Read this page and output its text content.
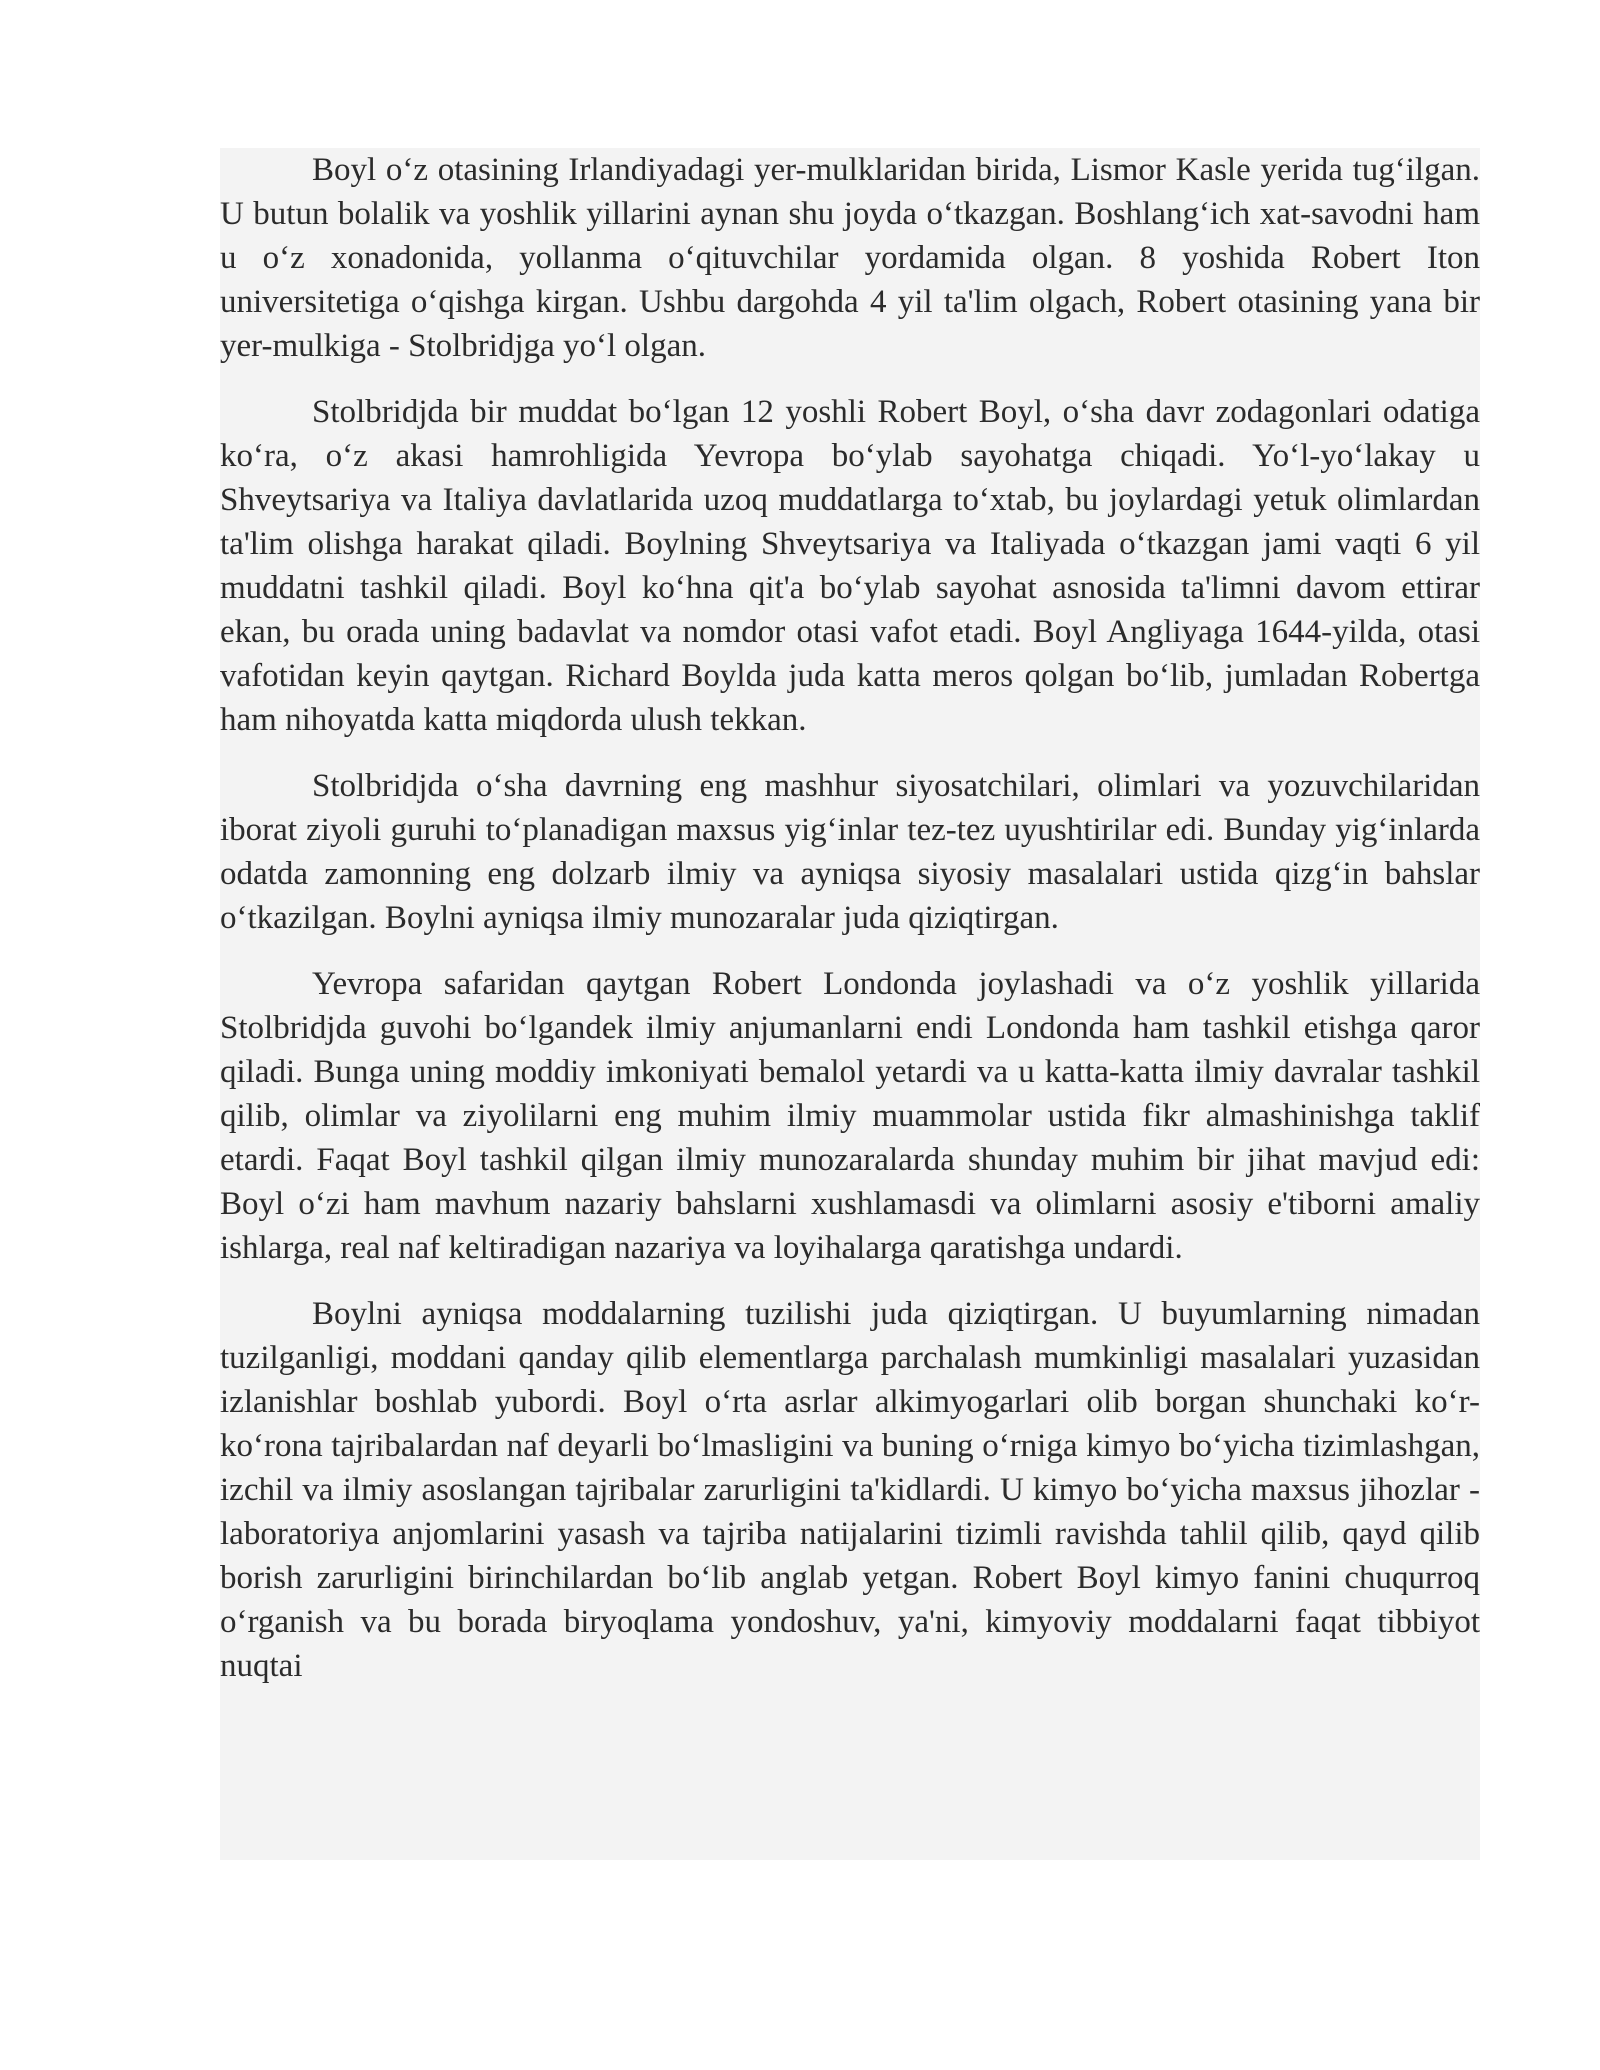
Boyl o‘z otasining Irlandiyadagi yer-mulklaridan birida, Lismor Kasle yerida tug‘ilgan. U butun bolalik va yoshlik yillarini aynan shu joyda o‘tkazgan. Boshlang‘ich xat-savodni ham u o‘z xonadonida, yollanma o‘qituvchilar yordamida olgan. 8 yoshida Robert Iton universitetiga o‘qishga kirgan. Ushbu dargohda 4 yil ta'lim olgach, Robert otasining yana bir yer-mulkiga - Stolbridjga yo‘l olgan.

Stolbridjda bir muddat bo‘lgan 12 yoshli Robert Boyl, o‘sha davr zodagonlari odatiga ko‘ra, o‘z akasi hamrohligida Yevropa bo‘ylab sayohatga chiqadi. Yo‘l-yo‘lakay u Shveytsariya va Italiya davlatlarida uzoq muddatlarga to‘xtab, bu joylardagi yetuk olimlardan ta'lim olishga harakat qiladi. Boylning Shveytsariya va Italiyada o‘tkazgan jami vaqti 6 yil muddatni tashkil qiladi. Boyl ko‘hna qit'a bo‘ylab sayohat asnosida ta'limni davom ettirar ekan, bu orada uning badavlat va nomdor otasi vafot etadi. Boyl Angliyaga 1644-yilda, otasi vafotidan keyin qaytgan. Richard Boylda juda katta meros qolgan bo‘lib, jumladan Robertga ham nihoyatda katta miqdorda ulush tekkan.

Stolbridjda o‘sha davrning eng mashhur siyosatchilari, olimlari va yozuvchilaridan iborat ziyoli guruhi to‘planadigan maxsus yig‘inlar tez-tez uyushtirilar edi. Bunday yig‘inlarda odatda zamonning eng dolzarb ilmiy va ayniqsa siyosiy masalalari ustida qizg‘in bahslar o‘tkazilgan. Boylni ayniqsa ilmiy munozaralar juda qiziqtirgan.

Yevropa safaridan qaytgan Robert Londonda joylashadi va o‘z yoshlik yillarida Stolbridjda guvohi bo‘lgandek ilmiy anjumanlarni endi Londonda ham tashkil etishga qaror qiladi. Bunga uning moddiy imkoniyati bemalol yetardi va u katta-katta ilmiy davralar tashkil qilib, olimlar va ziyolilarni eng muhim ilmiy muammolar ustida fikr almashinishga taklif etardi. Faqat Boyl tashkil qilgan ilmiy munozaralarda shunday muhim bir jihat mavjud edi: Boyl o‘zi ham mavhum nazariy bahslarni xushlamasdi va olimlarni asosiy e'tiborni amaliy ishlarga, real naf keltiradigan nazariya va loyihalarga qaratishga undardi.

Boylni ayniqsa moddalarning tuzilishi juda qiziqtirgan. U buyumlarning nimadan tuzilganligi, moddani qanday qilib elementlarga parchalash mumkinligi masalalari yuzasidan izlanishlar boshlab yubordi. Boyl o‘rta asrlar alkimyogarlari olib borgan shunchaki ko‘r-ko‘rona tajribalardan naf deyarli bo‘lmasligini va buning o‘rniga kimyo bo‘yicha tizimlashgan, izchil va ilmiy asoslangan tajribalar zarurligini ta'kidlardi. U kimyo bo‘yicha maxsus jihozlar - laboratoriya anjomlarini yasash va tajriba natijalarini tizimli ravishda tahlil qilib, qayd qilib borish zarurligini birinchilardan bo‘lib anglab yetgan. Robert Boyl kimyo fanini chuqurroq o‘rganish va bu borada biryoqlama yondoshuv, ya'ni, kimyoviy moddalarni faqat tibbiyot nuqtai
